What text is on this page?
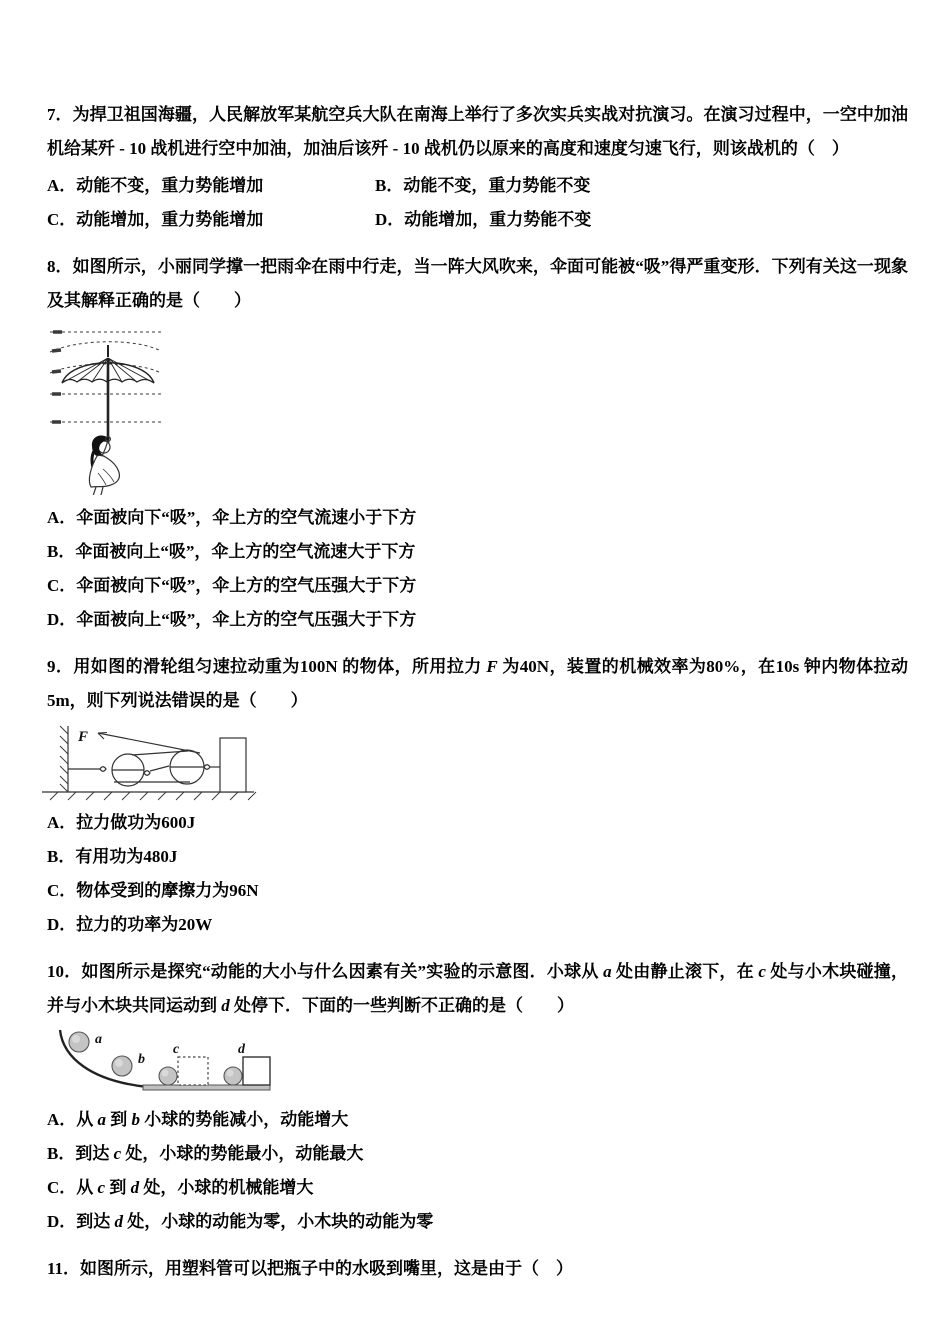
7．为捍卫祖国海疆，人民解放军某航空兵大队在南海上举行了多次实兵实战对抗演习。在演习过程中，一空中加油机给某歼 - 10 战机进行空中加油，加油后该歼 - 10 战机仍以原来的高度和速度匀速飞行，则该战机的（　）

A．动能不变，重力势能增加	B．动能不变，重力势能不变
C．动能增加，重力势能增加	D．动能增加，重力势能不变

8．如图所示，小丽同学撑一把雨伞在雨中行走，当一阵大风吹来，伞面可能被“吸”得严重变形．下列有关这一现象及其解释正确的是（　　）

A．伞面被向下“吸”，伞上方的空气流速小于下方
B．伞面被向上“吸”，伞上方的空气流速大于下方
C．伞面被向下“吸”，伞上方的空气压强大于下方
D．伞面被向上“吸”，伞上方的空气压强大于下方

9．用如图的滑轮组匀速拉动重为100N 的物体，所用拉力 F 为40N，装置的机械效率为80%，在10s 钟内物体拉动5m，则下列说法错误的是（　　）

F
A．拉力做功为600J
B．有用功为480J
C．物体受到的摩擦力为96N
D．拉力的功率为20W

10．如图所示是探究“动能的大小与什么因素有关”实验的示意图．小球从 a 处由静止滚下，在 c 处与小木块碰撞，并与小木块共同运动到 d 处停下．下面的一些判断不正确的是（　　）

a
b
c	d
A．从 a 到 b 小球的势能减小，动能增大
B．到达 c 处，小球的势能最小，动能最大
C．从 c 到 d 处，小球的机械能增大
D．到达 d 处，小球的动能为零，小木块的动能为零

11．如图所示，用塑料管可以把瓶子中的水吸到嘴里，这是由于（　）
